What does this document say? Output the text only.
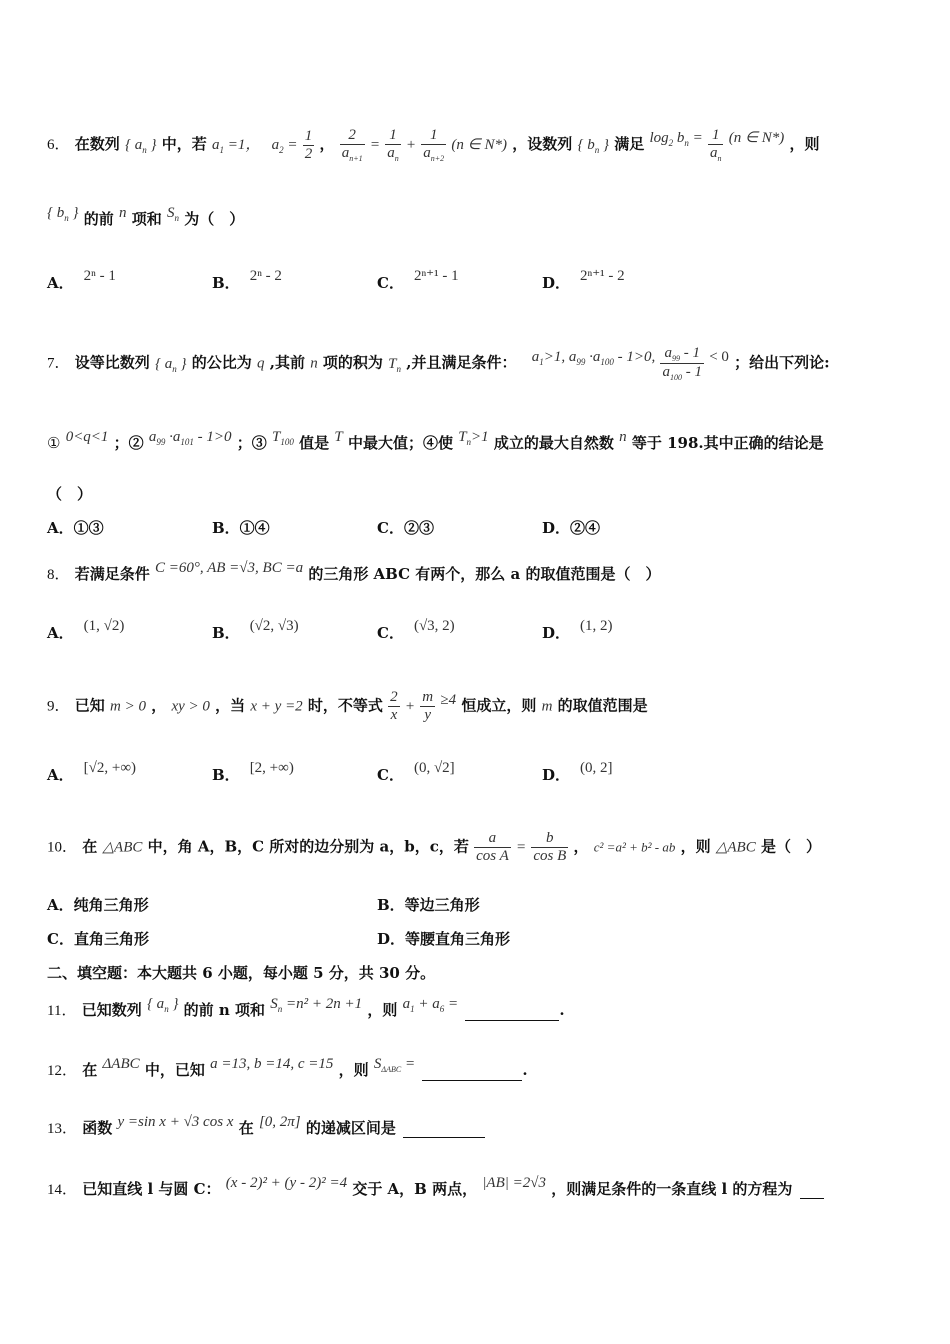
6． 在数列 { $a_n$ } 中，若 $a_1 =1$， $a_2 = \frac{1}{2}$ ， $\frac{2}{a_{n+1}} = \frac{1}{a_n} + \frac{1}{a_{n+2}} (n$ ∈ N*) ，设数列 { $b_n$ } 满足 $\log_2 b_n = \frac{1}{a_n} (n$ ∈ N*) ，则
{ $b_n$ } 的前 n 项和 $S_n$ 为（　）
A． 2ⁿ - 1	B． 2ⁿ - 2	C． 2ⁿ⁺¹ - 1	D． 2ⁿ⁺¹ - 2
7． 设等比数列 { $a_n$ } 的公比为 q ,其前 n 项的积为 $T_n$ ,并且满足条件： $a_1>1$, $a_{99} \cdot a_{100} - 1>0$, $\frac{a_{99} - 1}{a_{100} - 1} < 0$ ；给出下列论:
① 0<q<1 ；② $a_{99} \cdot a_{101} - 1>0$ ；③ $T_{100}$ 值是 T 中最大值；④使 $T_n>1$ 成立的最大自然数 n 等于 198.其中正确的结论是
（　）
A．①③	B．①④	C．②③	D．②④
8． 若满足条件 C =60°, AB =√3, BC =a 的三角形 ABC 有两个，那么 a 的取值范围是（　）
A． (1, √2)	B． (√2, √3)	C． (√3, 2)	D． (1, 2)
9． 已知 m > 0 ， xy > 0 ，当 x + y =2 时，不等式 $\frac{2}{x} + \frac{m}{y} \ge 4$ 恒成立，则 m 的取值范围是
A． [√2, +∞)	B． [2, +∞)	C． (0, √2]	D． (0, 2]
10． 在 △ABC 中，角 A，B，C 所对的边分别为 a，b，c，若 $\frac{a}{\text{cos A}} = \frac{b}{\text{cos B}}$ ， c² =a² + b² - ab ，则 △ABC 是（　）
A．纯角三角形	B．等边三角形
C．直角三角形	D．等腰直角三角形
二、填空题：本大题共 6 小题，每小题 5 分，共 30 分。
11． 已知数列 { $a_n$ } 的前 n 项和 $S_n =n^2 + 2n +1$ ，则 $a_1 + a_6$ =	.
12． 在 ΔABC 中，已知 a =13, b =14, c =15 ，则 $S_{\Delta ABC}$ =	.
13． 函数 y =sin x + √3 cos x 在 [0, 2π] 的递减区间是
14． 已知直线 l 与圆 C： (x - 2)² + (y - 2)² =4 交于 A，B 两点， |AB| =2√3 ，则满足条件的一条直线 l 的方程为
